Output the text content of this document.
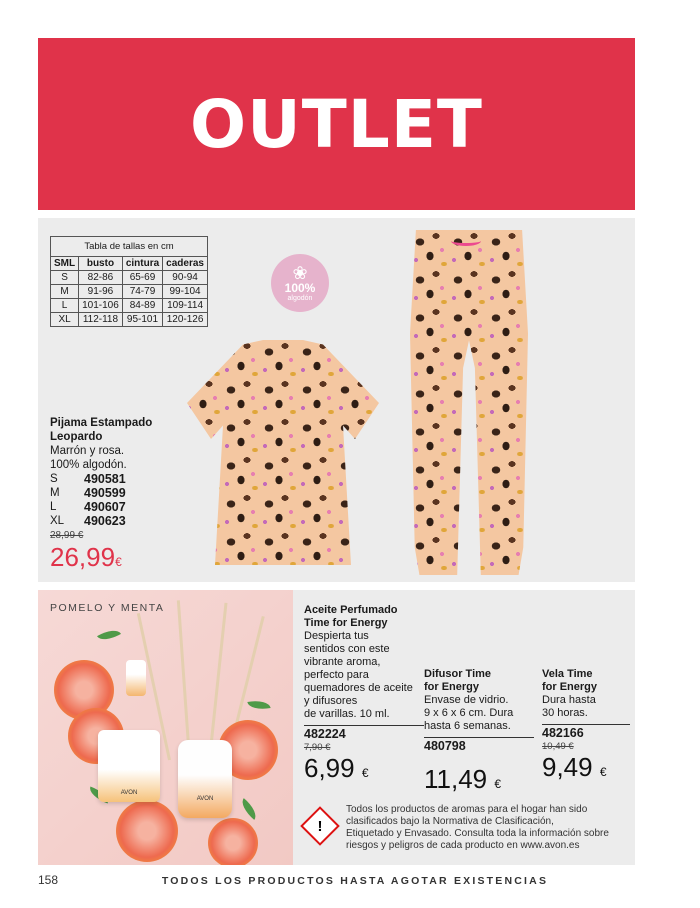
OUTLET
Tabla de tallas en cm			
SML	busto	cintura	caderas
S	82-86	65-69	90-94
M	91-96	74-79	99-104
L	101-106	84-89	109-114
XL	112-118	95-101	120-126
❀
100%
algodón
Pijama Estampado
Leopardo
Marrón y rosa.
100% algodón.
S	490581
M	490599
L	490607
XL	490623
28,99 €
26,99€
POMELO Y MENTA
AVON
AVON
Aceite Perfumado
Time for Energy
Despierta tus
sentidos con este
vibrante aroma,
perfecto para
quemadores de aceite
y difusores
de varillas. 10 ml.
482224
7,90 €
6,99 €
Difusor Time
for Energy
Envase de vidrio.
9 x 6 x 6 cm. Dura
hasta 6 semanas.
480798
11,49 €
Vela Time
for Energy
Dura hasta
30 horas.
482166
10,49 €
9,49 €
!
Todos los productos de aromas para el hogar han sido
clasificados bajo la Normativa de Clasificación,
Etiquetado y Envasado. Consulta toda la información sobre
riesgos y peligros de cada producto en www.avon.es
158	TODOS LOS PRODUCTOS HASTA AGOTAR EXISTENCIAS
